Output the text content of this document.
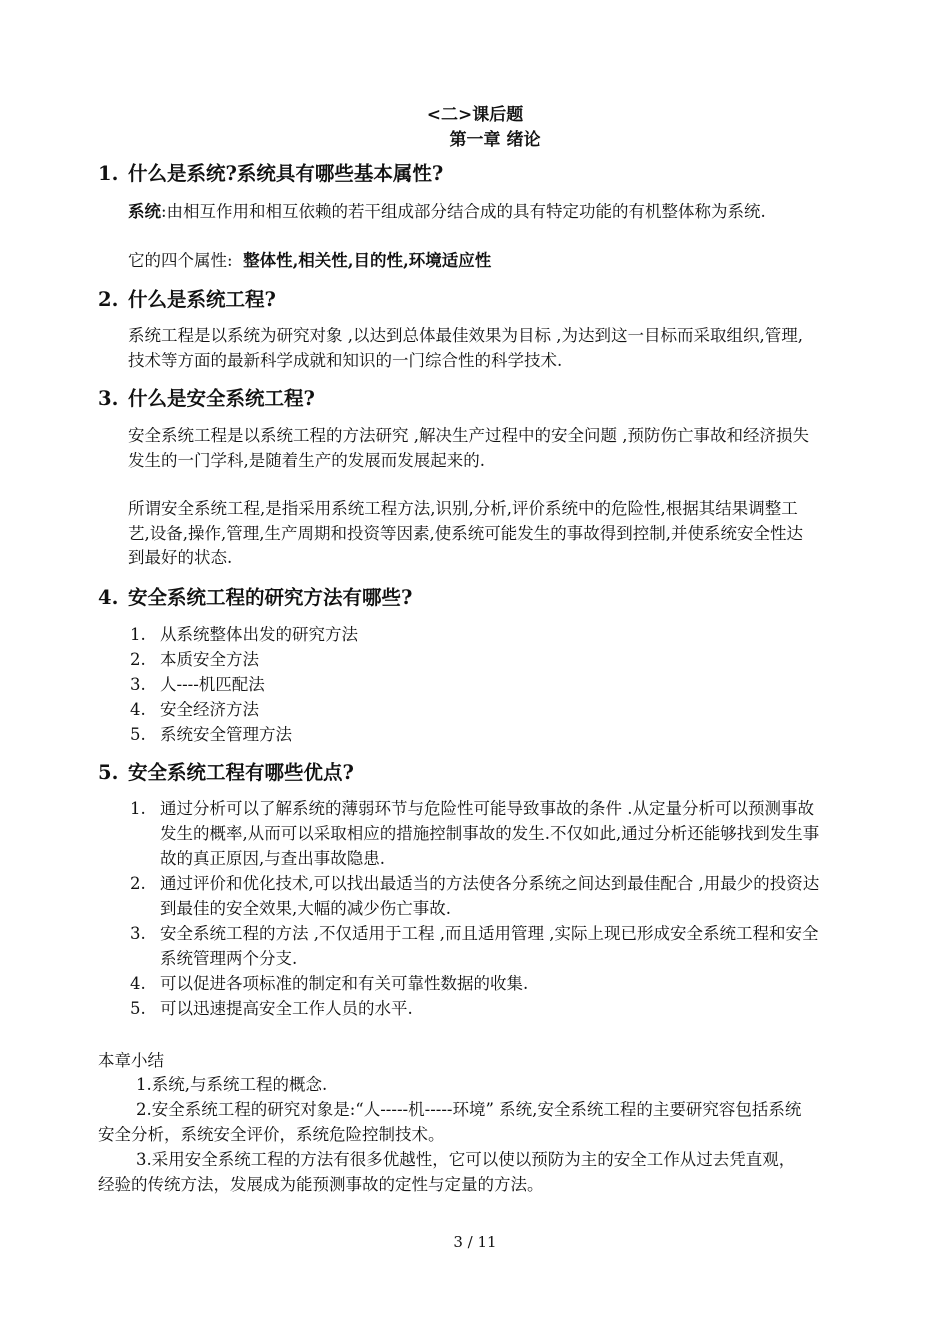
<二>课后题
第一章 绪论
1. 什么是系统?系统具有哪些基本属性?
系统:由相互作用和相互依赖的若干组成部分结合成的具有特定功能的有机整体称为系统.
它的四个属性:  整体性,相关性,目的性,环境适应性
2. 什么是系统工程?
系统工程是以系统为研究对象 ,以达到总体最佳效果为目标 ,为达到这一目标而采取组织,管理,技术等方面的最新科学成就和知识的一门综合性的科学技术.
3. 什么是安全系统工程?
安全系统工程是以系统工程的方法研究 ,解决生产过程中的安全问题 ,预防伤亡事故和经济损失发生的一门学科,是随着生产的发展而发展起来的.
所谓安全系统工程,是指采用系统工程方法,识别,分析,评价系统中的危险性,根据其结果调整工艺,设备,操作,管理,生产周期和投资等因素,使系统可能发生的事故得到控制,并使系统安全性达到最好的状态.
4. 安全系统工程的研究方法有哪些?
1. 从系统整体出发的研究方法
2. 本质安全方法
3. 人----机匹配法
4. 安全经济方法
5. 系统安全管理方法
5. 安全系统工程有哪些优点?
1. 通过分析可以了解系统的薄弱环节与危险性可能导致事故的条件 .从定量分析可以预测事故发生的概率,从而可以采取相应的措施控制事故的发生.不仅如此,通过分析还能够找到发生事故的真正原因,与查出事故隐患.
2. 通过评价和优化技术,可以找出最适当的方法使各分系统之间达到最佳配合 ,用最少的投资达到最佳的安全效果,大幅的减少伤亡事故.
3. 安全系统工程的方法 ,不仅适用于工程 ,而且适用管理 ,实际上现已形成安全系统工程和安全系统管理两个分支.
4. 可以促进各项标准的制定和有关可靠性数据的收集.
5. 可以迅速提高安全工作人员的水平.
本章小结
1.系统,与系统工程的概念.
2.安全系统工程的研究对象是:“人-----机-----环境” 系统,安全系统工程的主要研究容包括系统安全分析，系统安全评价，系统危险控制技术。
3.采用安全系统工程的方法有很多优越性，它可以使以预防为主的安全工作从过去凭直观，经验的传统方法，发展成为能预测事故的定性与定量的方法。
3 / 11
